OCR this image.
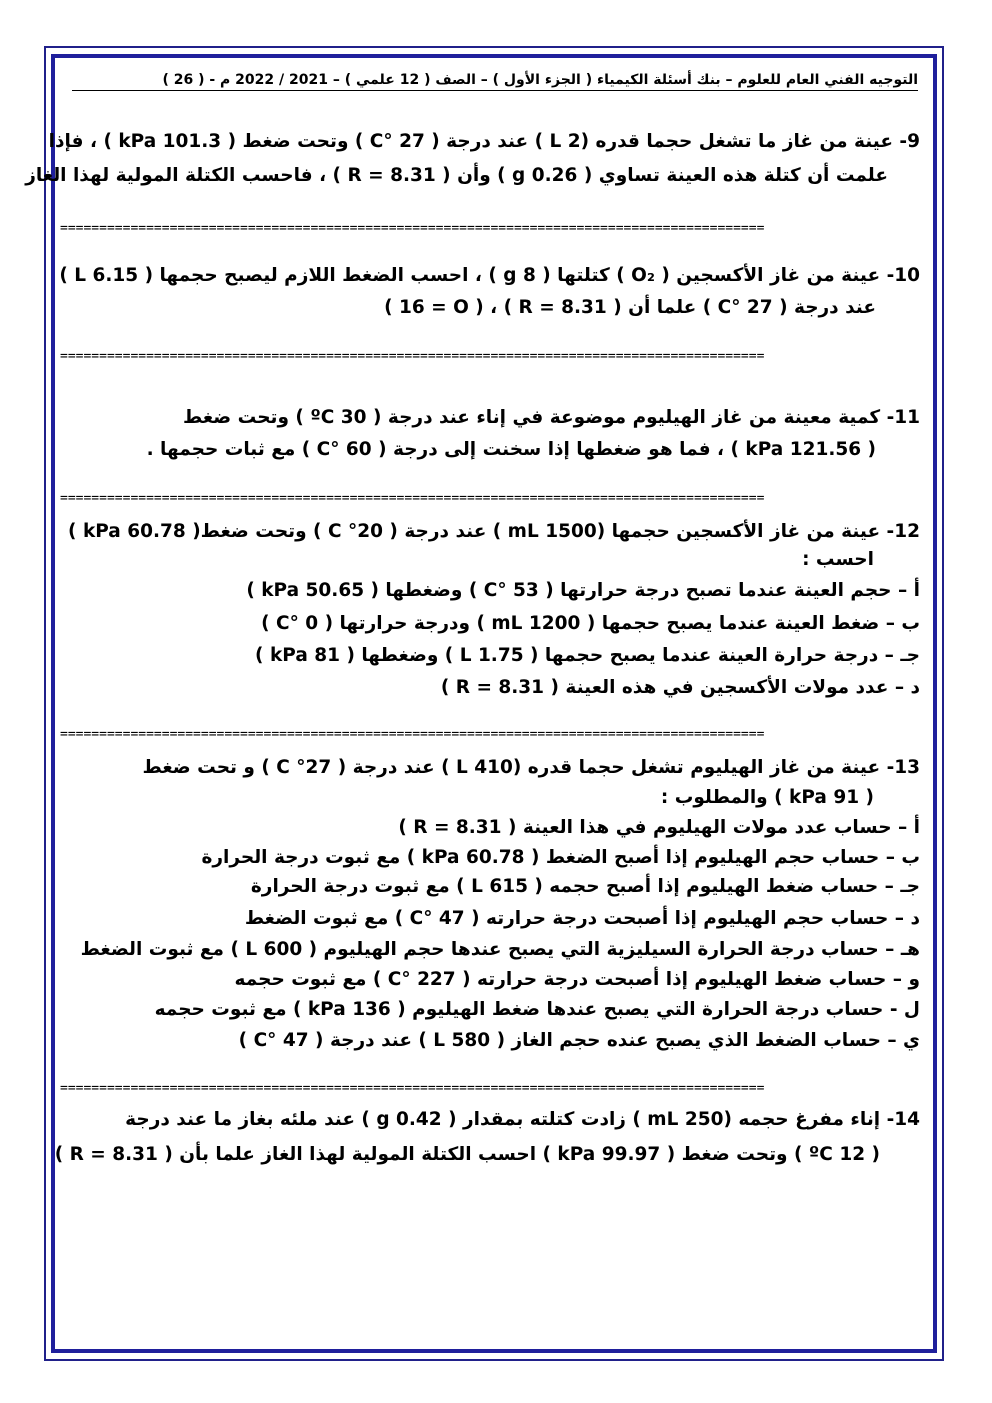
التوجيه الفني العام للعلوم – بنك أسئلة الكيمياء ( الجزء الأول ) – الصف ( 12 علمي ) – 2021 / 2022 م - ( 26 )
9- عينة من غاز ما تشغل حجما قدره (2 L ) عند درجة ( 27 °C ) وتحت ضغط ( 101.3 kPa ) ، فإذا
علمت أن كتلة هذه العينة تساوي ( 0.26 g ) وأن ( R = 8.31 ) ، فاحسب الكتلة المولية لهذا الغاز
==========================================================================================
10- عينة من غاز الأكسجين ( O₂ ) كتلتها ( 8 g ) ، احسب الضغط اللازم ليصبح حجمها ( 6.15 L )
عند درجة ( 27 °C ) علما أن ( R = 8.31 ) ، ( 16 = O )
==========================================================================================
11- كمية معينة من غاز الهيليوم موضوعة في إناء عند درجة ( 30 ºC ) وتحت ضغط
( 121.56 kPa ) ، فما هو ضغطها إذا سخنت إلى درجة ( 60 °C ) مع ثبات حجمها .
==========================================================================================
12- عينة من غاز الأكسجين حجمها (1500 mL ) عند درجة ( 20° C ) وتحت ضغط( 60.78 kPa )
احسب :
أ – حجم العينة عندما تصبح درجة حرارتها ( 53 °C ) وضغطها ( 50.65 kPa )
ب – ضغط العينة عندما يصبح حجمها ( 1200 mL ) ودرجة حرارتها ( 0 °C )
جـ – درجة حرارة العينة عندما يصبح حجمها ( 1.75 L ) وضغطها ( 81 kPa )
د – عدد مولات الأكسجين في هذه العينة ( R = 8.31 )
==========================================================================================
13- عينة من غاز الهيليوم تشغل حجما قدره (410 L ) عند درجة ( 27° C ) و تحت ضغط
( 91 kPa ) والمطلوب :
أ – حساب عدد مولات الهيليوم في هذا العينة ( R = 8.31 )
ب – حساب حجم الهيليوم إذا أصبح الضغط ( 60.78 kPa ) مع ثبوت درجة الحرارة
جـ – حساب ضغط الهيليوم إذا أصبح حجمه ( 615 L ) مع ثبوت درجة الحرارة
د – حساب حجم الهيليوم إذا أصبحت درجة حرارته ( 47 °C ) مع ثبوت الضغط
هـ – حساب درجة الحرارة السيليزية التي يصبح عندها حجم الهيليوم ( 600 L ) مع ثبوت الضغط
و – حساب ضغط الهيليوم إذا أصبحت درجة حرارته ( 227 °C ) مع ثبوت حجمه
ل - حساب درجة الحرارة التي يصبح عندها ضغط الهيليوم ( 136 kPa ) مع ثبوت حجمه
ي – حساب الضغط الذي يصبح عنده حجم الغاز ( 580 L ) عند درجة ( 47 °C )
==========================================================================================
14- إناء مفرغ حجمه (250 mL ) زادت كتلته بمقدار ( 0.42 g ) عند ملئه بغاز ما عند درجة
( 12 ºC ) وتحت ضغط ( 99.97 kPa ) احسب الكتلة المولية لهذا الغاز علما بأن ( R = 8.31 )
